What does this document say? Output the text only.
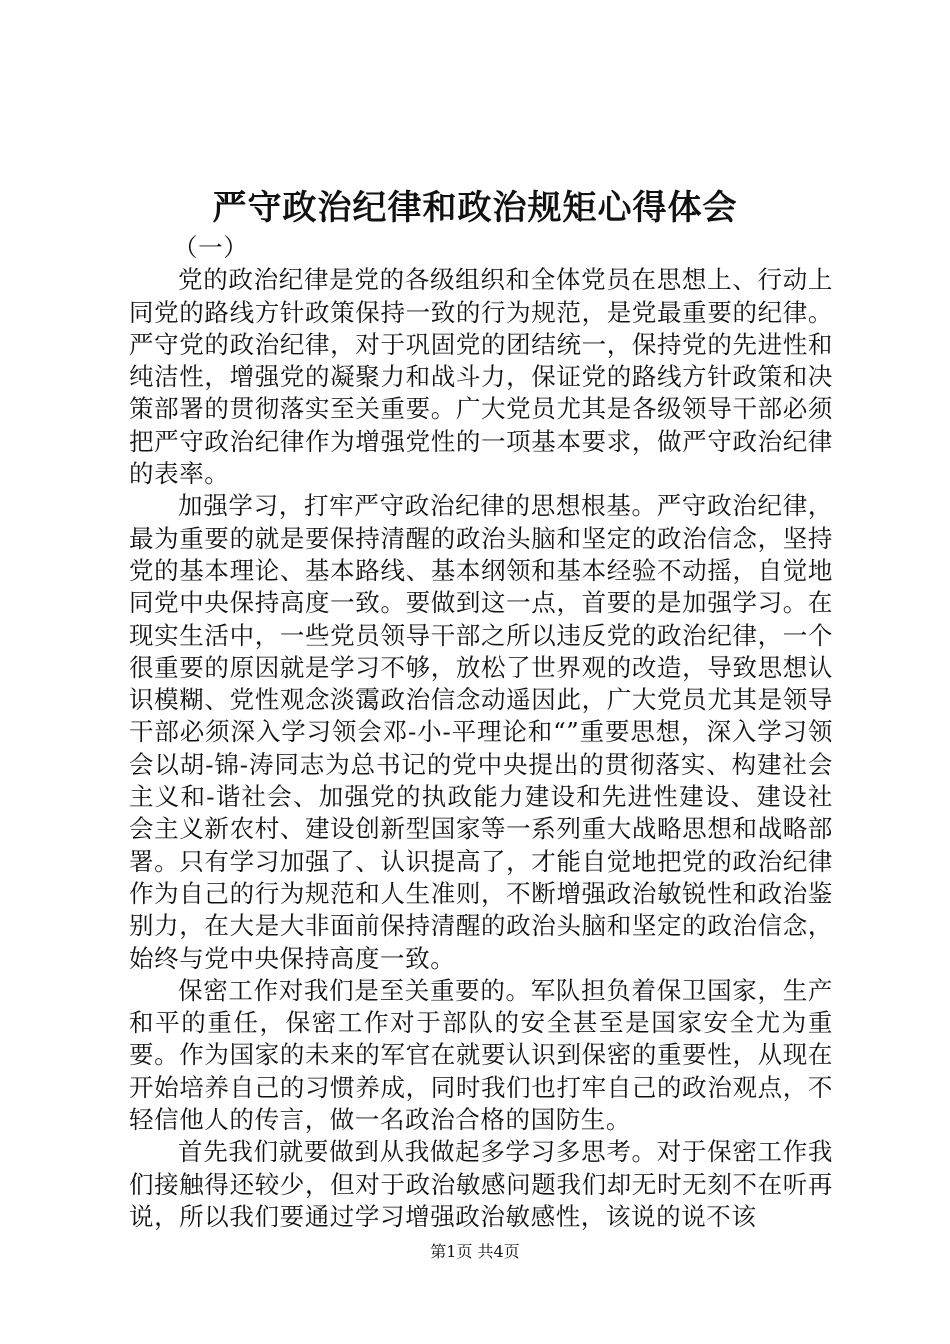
严守政治纪律和政治规矩心得体会

（一）

党的政治纪律是党的各级组织和全体党员在思想上、行动上同党的路线方针政策保持一致的行为规范，是党最重要的纪律。严守党的政治纪律，对于巩固党的团结统一，保持党的先进性和纯洁性，增强党的凝聚力和战斗力，保证党的路线方针政策和决策部署的贯彻落实至关重要。广大党员尤其是各级领导干部必须把严守政治纪律作为增强党性的一项基本要求，做严守政治纪律的表率。

加强学习，打牢严守政治纪律的思想根基。严守政治纪律，最为重要的就是要保持清醒的政治头脑和坚定的政治信念，坚持党的基本理论、基本路线、基本纲领和基本经验不动摇，自觉地同党中央保持高度一致。要做到这一点，首要的是加强学习。在现实生活中，一些党员领导干部之所以违反党的政治纪律，一个很重要的原因就是学习不够，放松了世界观的改造，导致思想认识模糊、党性观念淡霭政治信念动遥因此，广大党员尤其是领导干部必须深入学习领会邓-小-平理论和“”重要思想，深入学习领会以胡-锦-涛同志为总书记的党中央提出的贯彻落实、构建社会主义和-谐社会、加强党的执政能力建设和先进性建设、建设社会主义新农村、建设创新型国家等一系列重大战略思想和战略部署。只有学习加强了、认识提高了，才能自觉地把党的政治纪律作为自己的行为规范和人生准则，不断增强政治敏锐性和政治鉴别力，在大是大非面前保持清醒的政治头脑和坚定的政治信念，始终与党中央保持高度一致。

保密工作对我们是至关重要的。军队担负着保卫国家，生产和平的重任，保密工作对于部队的安全甚至是国家安全尤为重要。作为国家的未来的军官在就要认识到保密的重要性，从现在开始培养自己的习惯养成，同时我们也打牢自己的政治观点，不轻信他人的传言，做一名政治合格的国防生。

首先我们就要做到从我做起多学习多思考。对于保密工作我们接触得还较少，但对于政治敏感问题我们却无时无刻不在听再说，所以我们要通过学习增强政治敏感性，该说的说不该

第1页 共4页
